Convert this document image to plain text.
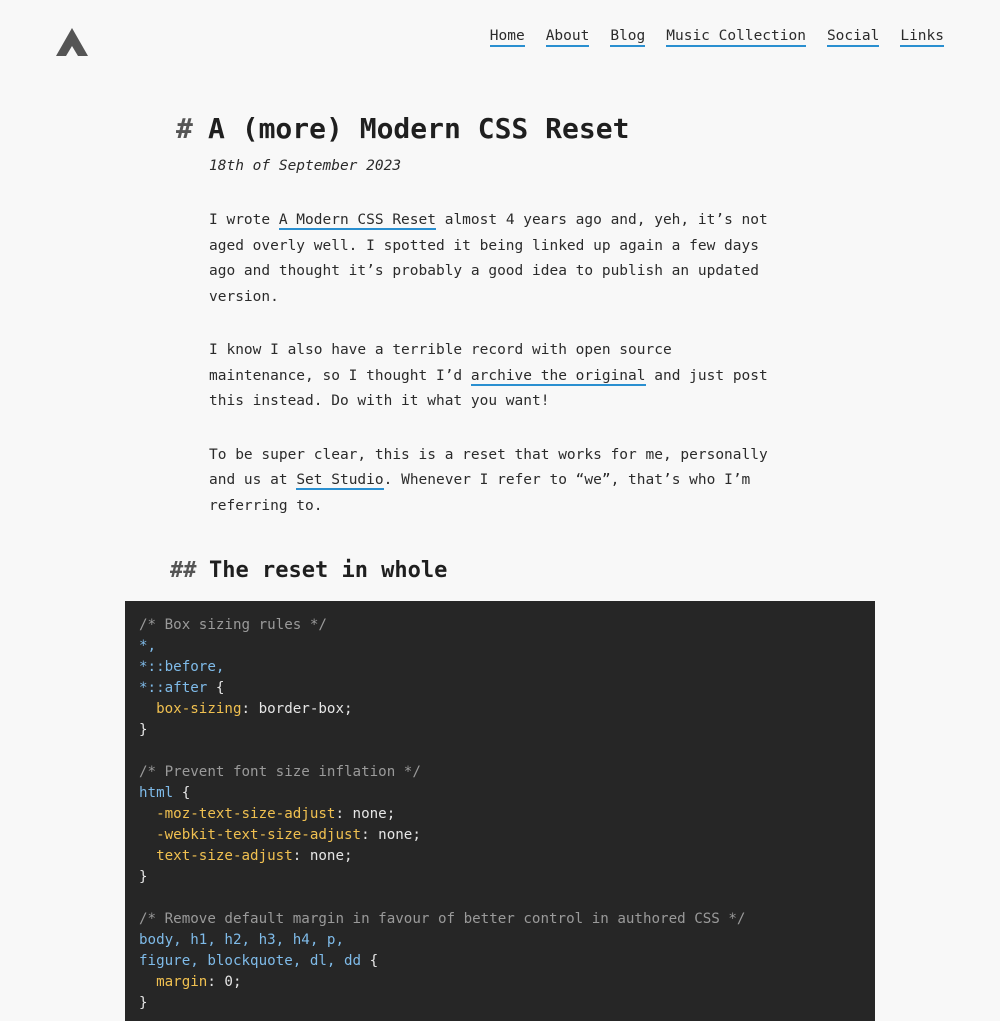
Home About Blog Music Collection Social Links
# A (more) Modern CSS Reset
18th of September 2023

I wrote A Modern CSS Reset almost 4 years ago and, yeh, it’s not aged overly well. I spotted it being linked up again a few days ago and thought it’s probably a good idea to publish an updated version.

I know I also have a terrible record with open source maintenance, so I thought I’d archive the original and just post this instead. Do with it what you want!

To be super clear, this is a reset that works for me, personally and us at Set Studio. Whenever I refer to “we”, that’s who I’m referring to.

## The reset in whole
/* Box sizing rules */
*,
*::before,
*::after {
box-sizing: border-box;
}

/* Prevent font size inflation */
html {
-moz-text-size-adjust: none;
-webkit-text-size-adjust: none;
text-size-adjust: none;
}

/* Remove default margin in favour of better control in authored CSS */
body, h1, h2, h3, h4, p,
figure, blockquote, dl, dd {
margin: 0;
}
